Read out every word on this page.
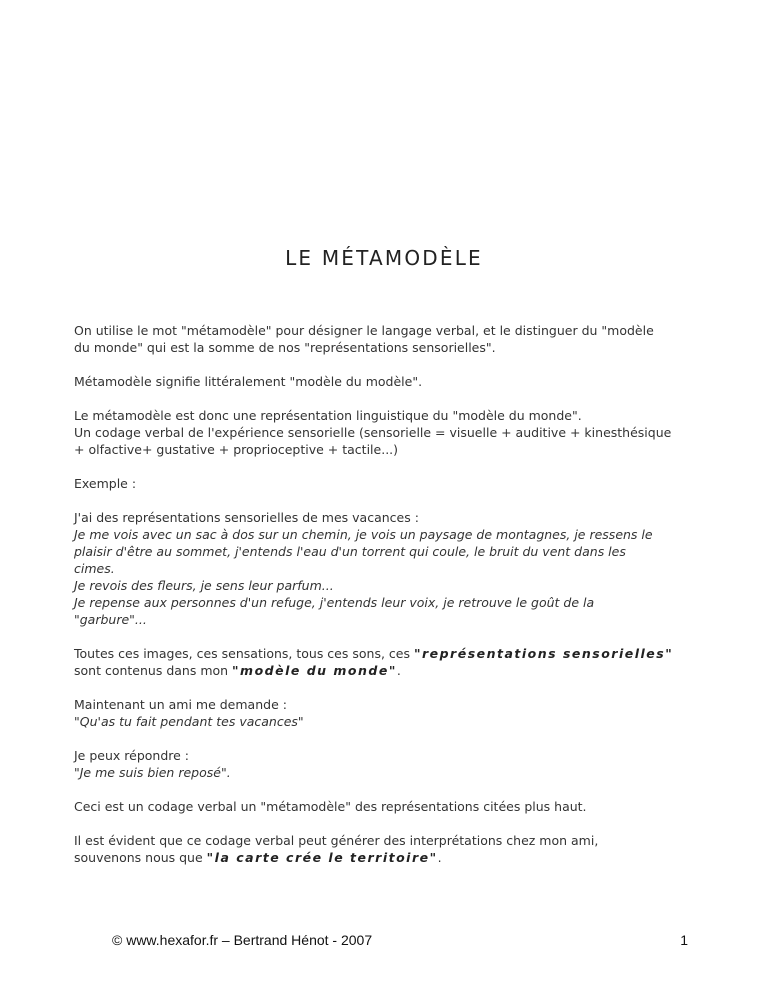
LE MÉTAMODÈLE

On utilise le mot "métamodèle" pour désigner le langage verbal, et le distinguer du "modèle
du monde" qui est la somme de nos "représentations sensorielles".

Métamodèle signifie littéralement "modèle du modèle".

Le métamodèle est donc une représentation linguistique du "modèle du monde".
Un codage verbal de l'expérience sensorielle (sensorielle = visuelle + auditive + kinesthésique
+ olfactive+ gustative + proprioceptive + tactile...)

Exemple :

J'ai des représentations sensorielles de mes vacances :
Je me vois avec un sac à dos sur un chemin, je vois un paysage de montagnes, je ressens le
plaisir d'être au sommet, j'entends l'eau d'un torrent qui coule, le bruit du vent dans les
cimes.
Je revois des fleurs, je sens leur parfum...
Je repense aux personnes d'un refuge, j'entends leur voix, je retrouve le goût de la
"garbure"...

Toutes ces images, ces sensations, tous ces sons, ces "représentations sensorielles"
sont contenus dans mon "modèle du monde".

Maintenant un ami me demande :
"Qu'as tu fait pendant tes vacances"

Je peux répondre :
"Je me suis bien reposé".

Ceci est un codage verbal un "métamodèle" des représentations citées plus haut.

Il est évident que ce codage verbal peut générer des interprétations chez mon ami,
souvenons nous que "la carte crée le territoire".

© www.hexafor.fr – Bertrand Hénot - 2007	1
